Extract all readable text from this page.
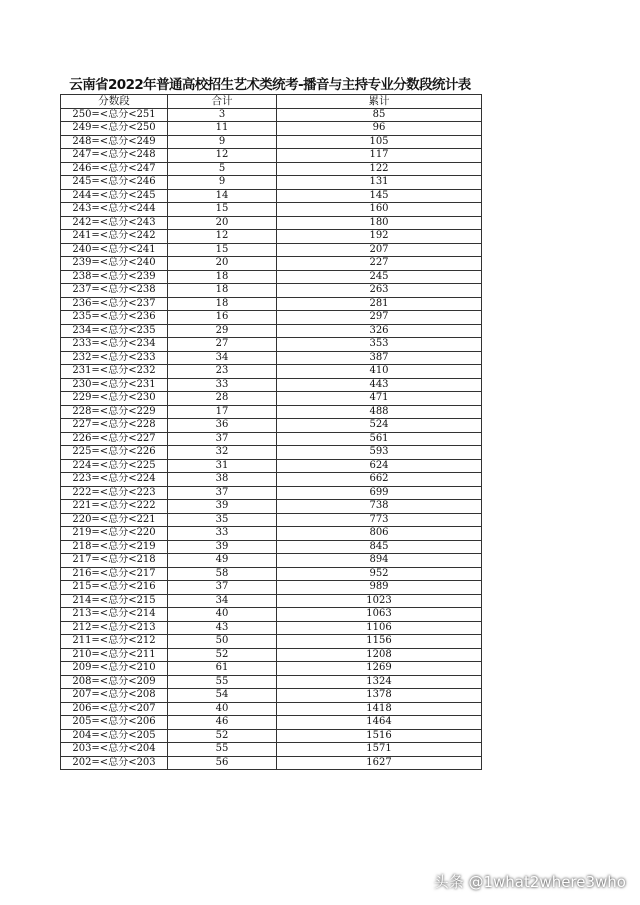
云南省2022年普通高校招生艺术类统考-播音与主持专业分数段统计表
分数段	合计	累计
250=<总分<251	3	85
249=<总分<250	11	96
248=<总分<249	9	105
247=<总分<248	12	117
246=<总分<247	5	122
245=<总分<246	9	131
244=<总分<245	14	145
243=<总分<244	15	160
242=<总分<243	20	180
241=<总分<242	12	192
240=<总分<241	15	207
239=<总分<240	20	227
238=<总分<239	18	245
237=<总分<238	18	263
236=<总分<237	18	281
235=<总分<236	16	297
234=<总分<235	29	326
233=<总分<234	27	353
232=<总分<233	34	387
231=<总分<232	23	410
230=<总分<231	33	443
229=<总分<230	28	471
228=<总分<229	17	488
227=<总分<228	36	524
226=<总分<227	37	561
225=<总分<226	32	593
224=<总分<225	31	624
223=<总分<224	38	662
222=<总分<223	37	699
221=<总分<222	39	738
220=<总分<221	35	773
219=<总分<220	33	806
218=<总分<219	39	845
217=<总分<218	49	894
216=<总分<217	58	952
215=<总分<216	37	989
214=<总分<215	34	1023
213=<总分<214	40	1063
212=<总分<213	43	1106
211=<总分<212	50	1156
210=<总分<211	52	1208
209=<总分<210	61	1269
208=<总分<209	55	1324
207=<总分<208	54	1378
206=<总分<207	40	1418
205=<总分<206	46	1464
204=<总分<205	52	1516
203=<总分<204	55	1571
202=<总分<203	56	1627
头条 @1what2where3who
